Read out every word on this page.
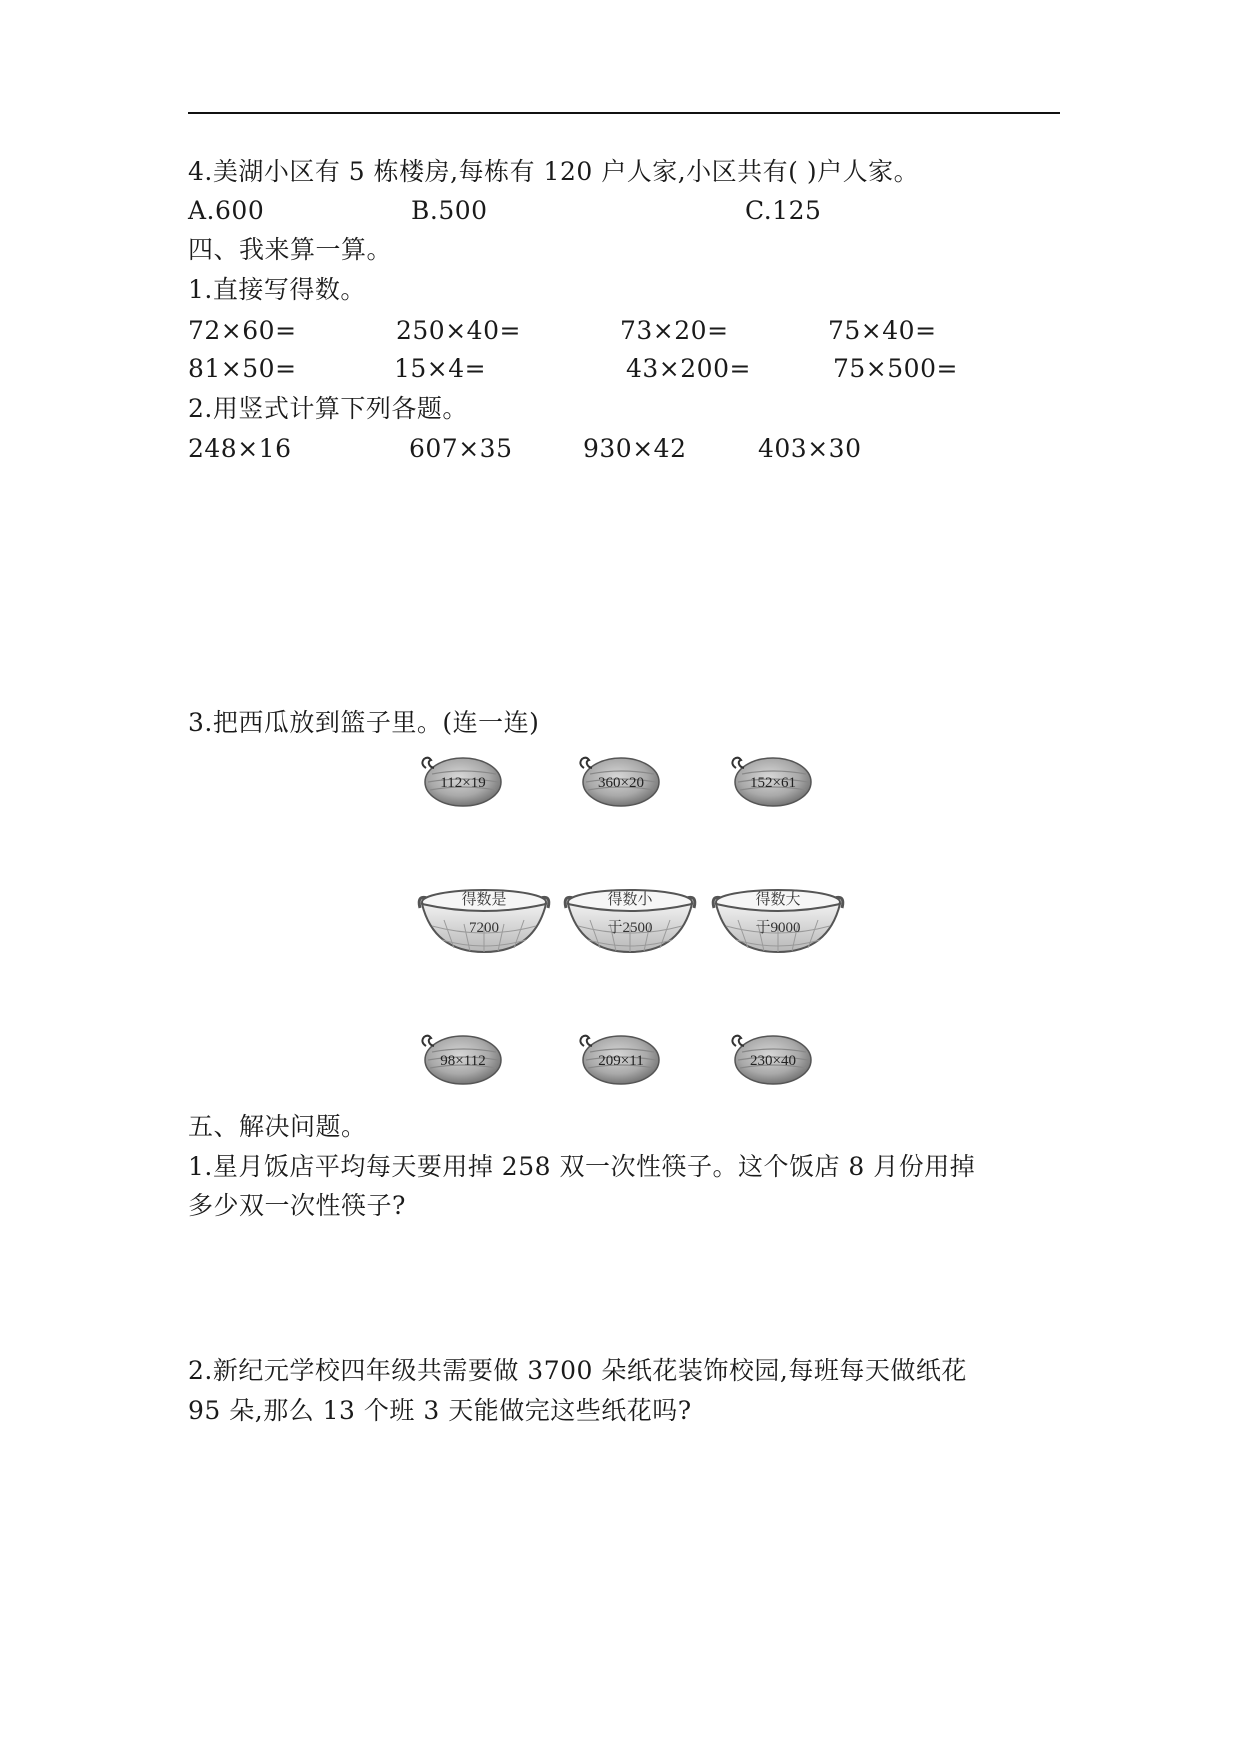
4.美湖小区有 5 栋楼房,每栋有 120 户人家,小区共有( )户人家。
A.600	B.500	C.125
四、我来算一算。
1.直接写得数。
72×60=	250×40=	73×20=	75×40=
81×50=	15×4=	43×200=	75×500=
2.用竖式计算下列各题。
248×16	607×35	930×42	403×30
3.把西瓜放到篮子里。(连一连)
112×19	360×20	152×61
得数是
7200
得数小
于2500
得数大
于9000
98×112	209×11	230×40
五、解决问题。
1.星月饭店平均每天要用掉 258 双一次性筷子。这个饭店 8 月份用掉
多少双一次性筷子?
2.新纪元学校四年级共需要做 3700 朵纸花装饰校园,每班每天做纸花
95 朵,那么 13 个班 3 天能做完这些纸花吗?
